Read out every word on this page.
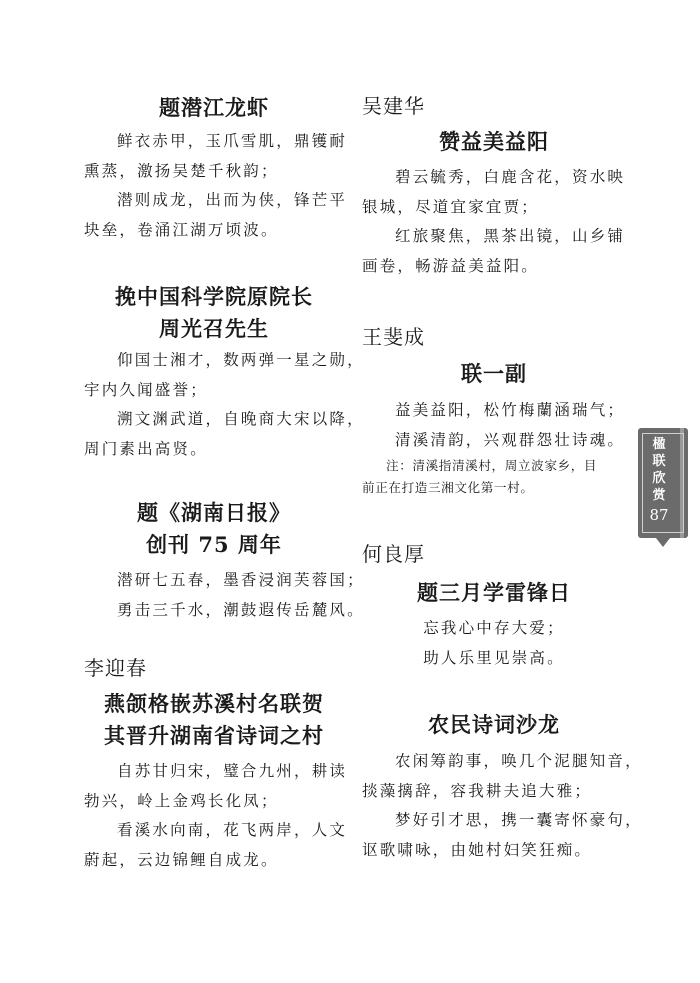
题潜江龙虾
鲜衣赤甲，玉爪雪肌，鼎镬耐
熏蒸，激扬吴楚千秋韵；
潜则成龙，出而为侠，锋芒平
块垒，卷涌江湖万顷波。
挽中国科学院原院长
周光召先生
仰国士湘才，数两弹一星之勋，
宇内久闻盛誉；
溯文渊武道，自晚商大宋以降，
周门素出高贤。
题《湖南日报》
创刊 75 周年
潜研七五春，墨香浸润芙蓉国；
勇击三千水，潮鼓遐传岳麓风。
李迎春
燕颌格嵌苏溪村名联贺
其晋升湖南省诗词之村
自苏甘归宋，璧合九州，耕读
勃兴，岭上金鸡长化凤；
看溪水向南，花飞两岸，人文
蔚起，云边锦鲤自成龙。
吴建华
赞益美益阳
碧云毓秀，白鹿含花，资水映
银城，尽道宜家宜贾；
红旅聚焦，黑茶出镜，山乡铺
画卷，畅游益美益阳。
王斐成
联一副
益美益阳，松竹梅蘭涵瑞气；
清溪清韵，兴观群怨壮诗魂。
注：清溪指清溪村，周立波家乡，目
前正在打造三湘文化第一村。
何良厚
题三月学雷锋日
忘我心中存大爱；
助人乐里见崇高。
农民诗词沙龙
农闲筹韵事，唤几个泥腿知音，
掞藻摛辞，容我耕夫追大雅；
梦好引才思，携一囊寄怀豪句，
讴歌啸咏，由她村妇笑狂痴。
楹
联
欣
赏
87
